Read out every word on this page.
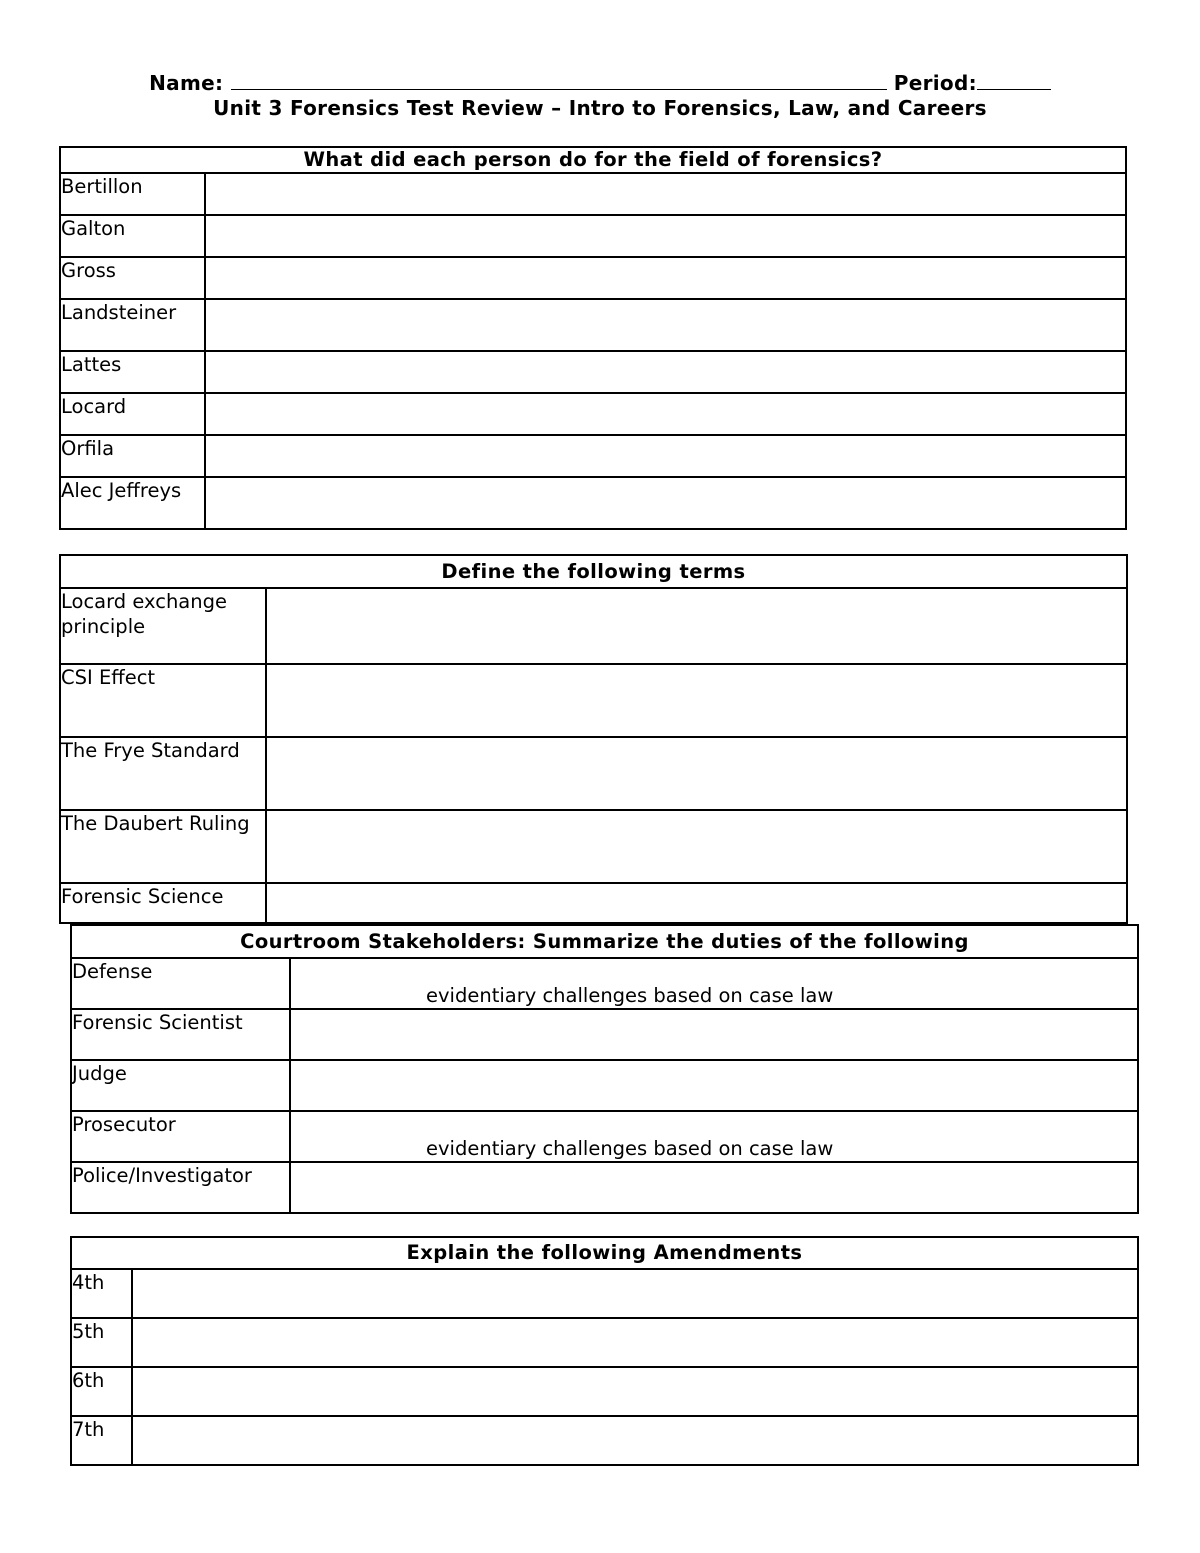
Name:	Period:
Unit 3 Forensics Test Review – Intro to Forensics, Law, and Careers
What did each person do for the field of forensics?	
Bertillon	
Galton	
Gross	
Landsteiner	
Lattes	
Locard	
Orfila	
Alec Jeffreys	
Define the following terms	
Locard exchange principle	
CSI Effect	
The Frye Standard	
The Daubert Ruling	
Forensic Science	
Courtroom Stakeholders: Summarize the duties of the following	
Defense	evidentiary challenges based on case law

Forensic Scientist	

Judge	

Prosecutor	evidentiary challenges based on case law

Police/Investigator	
Explain the following Amendments	
4th	
5th	
6th	
7th	
